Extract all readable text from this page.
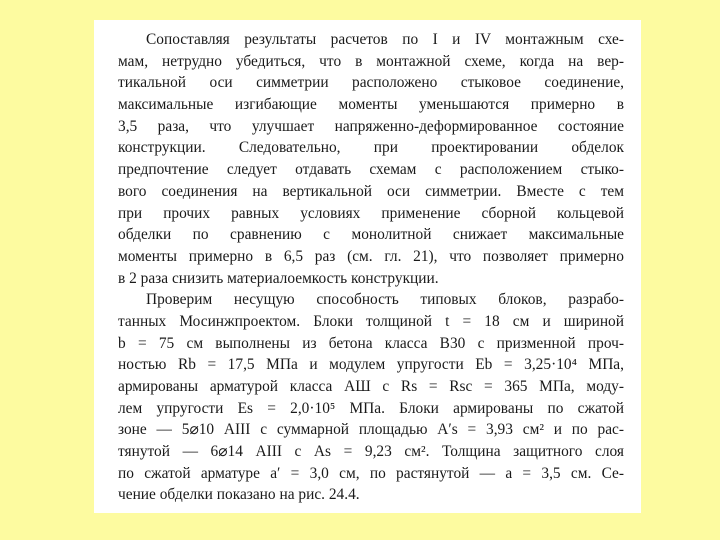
Сопоставляя результаты расчетов по I и IV монтажным схе-
мам, нетрудно убедиться, что в монтажной схеме, когда на вер-
тикальной оси симметрии расположено стыковое соединение,
максимальные изгибающие моменты уменьшаются примерно в
3,5 раза, что улучшает напряженно-деформированное состояние
конструкции. Следовательно, при проектировании обделок
предпочтение следует отдавать схемам с расположением стыко-
вого соединения на вертикальной оси симметрии. Вместе с тем
при прочих равных условиях применение сборной кольцевой
обделки по сравнению с монолитной снижает максимальные
моменты примерно в 6,5 раз (см. гл. 21), что позволяет примерно
в 2 раза снизить материалоемкость конструкции.
Проверим несущую способность типовых блоков, разрабо-
танных Мосинжпроектом. Блоки толщиной t = 18 см и шириной
b = 75 см выполнены из бетона класса В30 с призменной проч-
ностью Rb = 17,5 МПа и модулем упругости Eb = 3,25·10⁴ МПа,
армированы арматурой класса АШ с Rs = Rsc = 365 МПа, моду-
лем упругости Es = 2,0·10⁵ МПа. Блоки армированы по сжатой
зоне — 5⌀10 АIII с суммарной площадью A′s = 3,93 см² и по рас-
тянутой — 6⌀14 АIII с As = 9,23 см². Толщина защитного слоя
по сжатой арматуре a′ = 3,0 см, по растянутой — a = 3,5 см. Се-
чение обделки показано на рис. 24.4.
